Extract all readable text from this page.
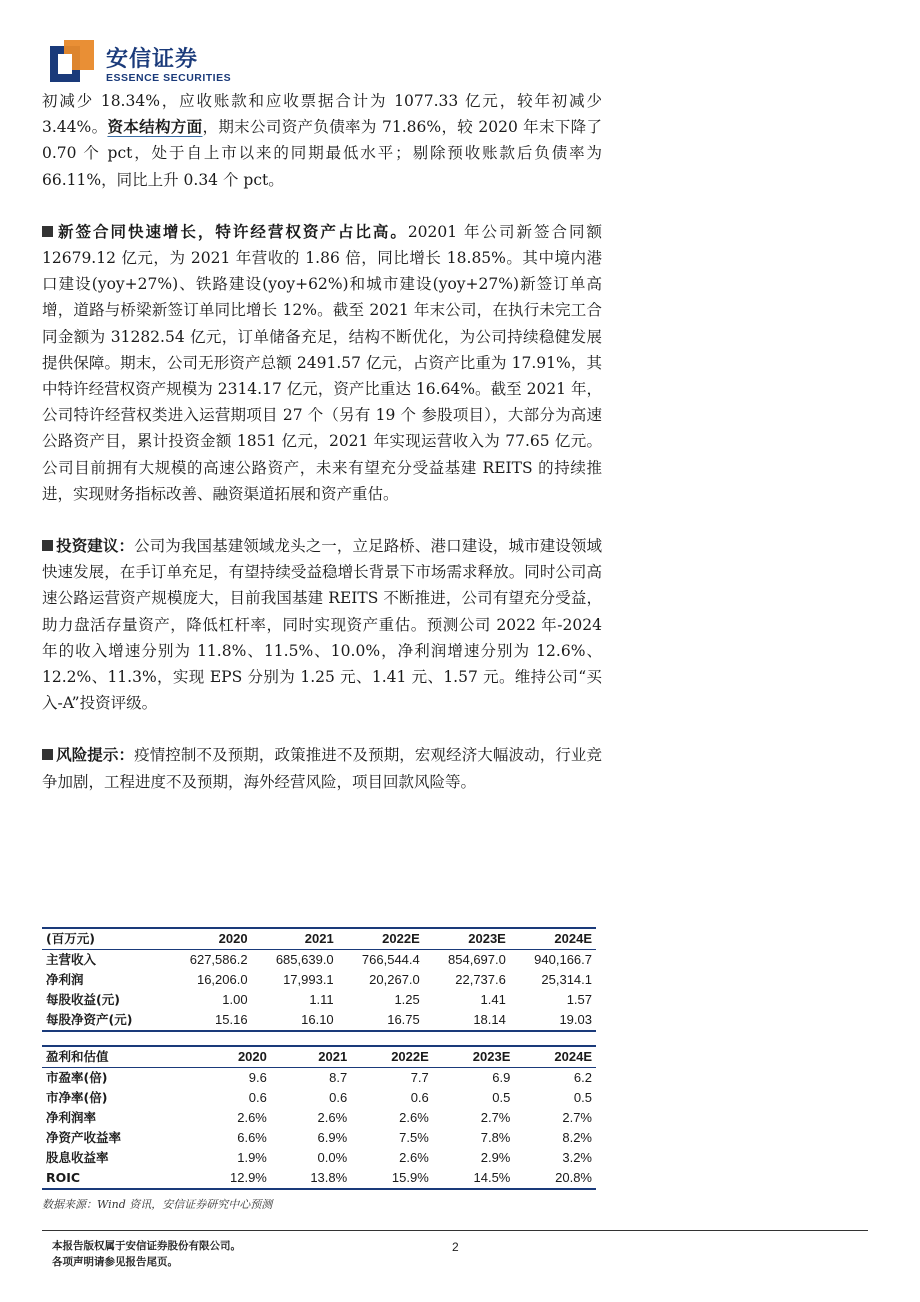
安信证券
ESSENCE SECURITIES

初减少 18.34%，应收账款和应收票据合计为 1077.33 亿元，较年初减少 3.44%。资本结构方面，期末公司资产负债率为 71.86%，较 2020 年末下降了 0.70 个 pct，处于自上市以来的同期最低水平；剔除预收账款后负债率为 66.11%，同比上升 0.34 个 pct。

新签合同快速增长，特许经营权资产占比高。20201 年公司新签合同额 12679.12 亿元，为 2021 年营收的 1.86 倍，同比增长 18.85%。其中境内港口建设(yoy+27%)、铁路建设(yoy+62%)和城市建设(yoy+27%)新签订单高增，道路与桥梁新签订单同比增长 12%。截至 2021 年末公司，在执行未完工合同金额为 31282.54 亿元，订单储备充足，结构不断优化，为公司持续稳健发展提供保障。期末，公司无形资产总额 2491.57 亿元，占资产比重为 17.91%，其中特许经营权资产规模为 2314.17 亿元，资产比重达 16.64%。截至 2021 年，公司特许经营权类进入运营期项目 27 个（另有 19 个 参股项目），大部分为高速公路资产目，累计投资金额 1851 亿元，2021 年实现运营收入为 77.65 亿元。公司目前拥有大规模的高速公路资产，未来有望充分受益基建 REITS 的持续推进，实现财务指标改善、融资渠道拓展和资产重估。

投资建议：公司为我国基建领域龙头之一，立足路桥、港口建设，城市建设领域快速发展，在手订单充足，有望持续受益稳增长背景下市场需求释放。同时公司高速公路运营资产规模庞大，目前我国基建 REITS 不断推进，公司有望充分受益，助力盘活存量资产，降低杠杆率，同时实现资产重估。预测公司 2022 年-2024 年的收入增速分别为 11.8%、11.5%、10.0%，净利润增速分别为 12.6%、12.2%、11.3%，实现 EPS 分别为 1.25 元、1.41 元、1.57 元。维持公司“买入-A”投资评级。

风险提示：疫情控制不及预期，政策推进不及预期，宏观经济大幅波动，行业竞争加剧，工程进度不及预期，海外经营风险，项目回款风险等。

(百万元)	2020	2021	2022E	2023E	2024E
主营收入	627,586.2	685,639.0	766,544.4	854,697.0	940,166.7
净利润	16,206.0	17,993.1	20,267.0	22,737.6	25,314.1
每股收益(元)	1.00	1.11	1.25	1.41	1.57
每股净资产(元)	15.16	16.10	16.75	18.14	19.03
盈利和估值	2020	2021	2022E	2023E	2024E
市盈率(倍)	9.6	8.7	7.7	6.9	6.2
市净率(倍)	0.6	0.6	0.6	0.5	0.5
净利润率	2.6%	2.6%	2.6%	2.7%	2.7%
净资产收益率	6.6%	6.9%	7.5%	7.8%	8.2%
股息收益率	1.9%	0.0%	2.6%	2.9%	3.2%
ROIC	12.9%	13.8%	15.9%	14.5%	20.8%
数据来源：Wind 资讯，安信证券研究中心预测
本报告版权属于安信证券股份有限公司。
各项声明请参见报告尾页。
2
